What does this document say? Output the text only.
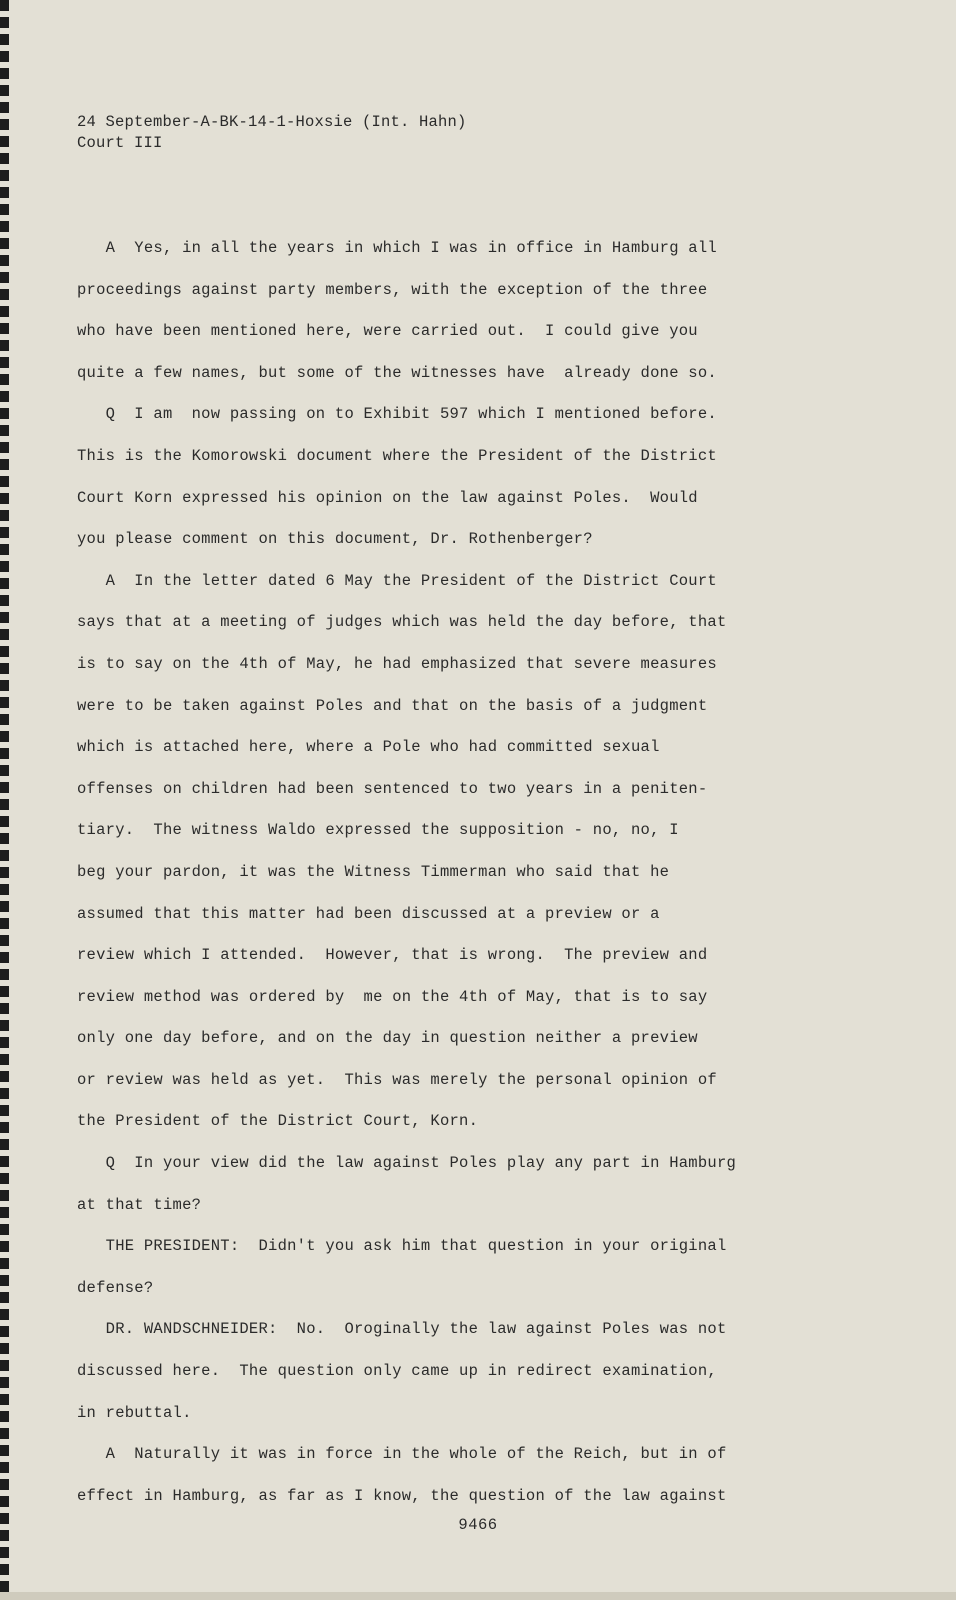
24 September-A-BK-14-1-Hoxsie (Int. Hahn)
Court III
A  Yes, in all the years in which I was in office in Hamburg all
proceedings against party members, with the exception of the three
who have been mentioned here, were carried out.  I could give you
quite a few names, but some of the witnesses have  already done so.
Q  I am  now passing on to Exhibit 597 which I mentioned before.
This is the Komorowski document where the President of the District
Court Korn expressed his opinion on the law against Poles.  Would
you please comment on this document, Dr. Rothenberger?
A  In the letter dated 6 May the President of the District Court
says that at a meeting of judges which was held the day before, that
is to say on the 4th of May, he had emphasized that severe measures
were to be taken against Poles and that on the basis of a judgment
which is attached here, where a Pole who had committed sexual
offenses on children had been sentenced to two years in a peniten-
tiary.  The witness Waldo expressed the supposition - no, no, I
beg your pardon, it was the Witness Timmerman who said that he
assumed that this matter had been discussed at a preview or a
review which I attended.  However, that is wrong.  The preview and
review method was ordered by  me on the 4th of May, that is to say
only one day before, and on the day in question neither a preview
or review was held as yet.  This was merely the personal opinion of
the President of the District Court, Korn.
Q  In your view did the law against Poles play any part in Hamburg
at that time?
THE PRESIDENT:  Didn't you ask him that question in your original
defense?
DR. WANDSCHNEIDER:  No.  Oroginally the law against Poles was not
discussed here.  The question only came up in redirect examination,
in rebuttal.
A  Naturally it was in force in the whole of the Reich, but in of
effect in Hamburg, as far as I know, the question of the law against
9466
